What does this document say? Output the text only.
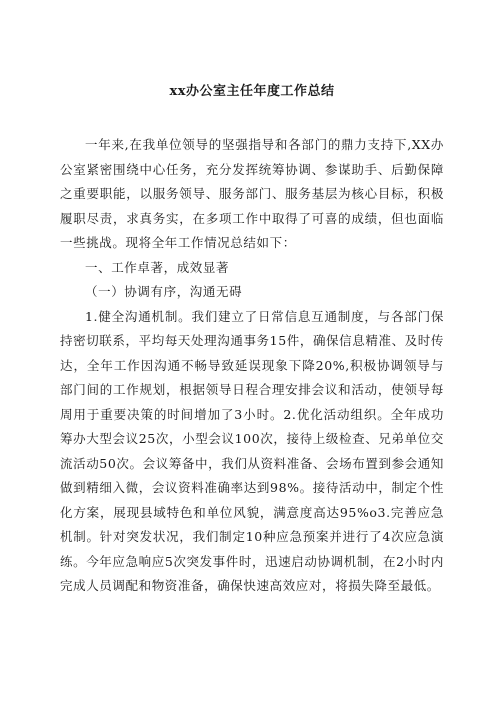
xx办公室主任年度工作总结

一年来,在我单位领导的坚强指导和各部门的鼎力支持下,XX办公室紧密围绕中心任务，充分发挥统筹协调、参谋助手、后勤保障之重要职能，以服务领导、服务部门、服务基层为核心目标，积极履职尽责，求真务实，在多项工作中取得了可喜的成绩，但也面临一些挑战。现将全年工作情况总结如下：

一、工作卓著，成效显著

（一）协调有序，沟通无碍

1.健全沟通机制。我们建立了日常信息互通制度，与各部门保持密切联系，平均每天处理沟通事务15件，确保信息精准、及时传达，全年工作因沟通不畅导致延误现象下降20%,积极协调领导与部门间的工作规划，根据领导日程合理安排会议和活动，使领导每周用于重要决策的时间增加了3小时。2.优化活动组织。全年成功筹办大型会议25次，小型会议100次，接待上级检查、兄弟单位交流活动50次。会议筹备中，我们从资料准备、会场布置到参会通知做到精细入微，会议资料准确率达到98%。接待活动中，制定个性化方案，展现县域特色和单位风貌，满意度高达95%o3.完善应急机制。针对突发状况，我们制定10种应急预案并进行了4次应急演练。今年应急响应5次突发事件时，迅速启动协调机制，在2小时内完成人员调配和物资准备，确保快速高效应对，将损失降至最低。
